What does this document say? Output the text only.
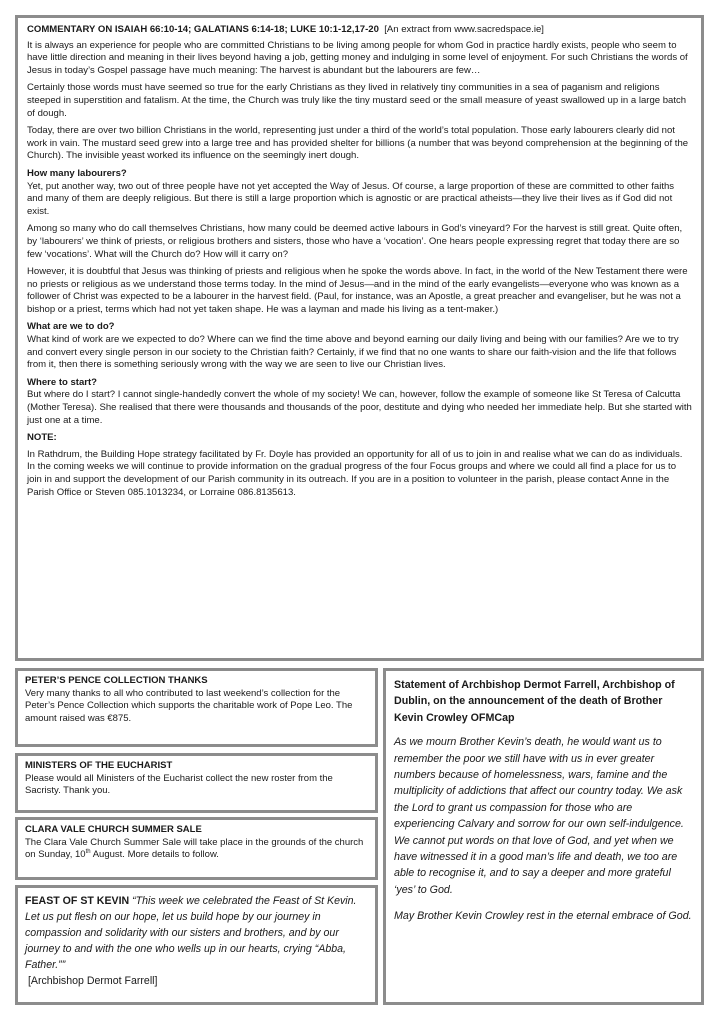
COMMENTARY ON ISAIAH 66:10-14; GALATIANS 6:14-18; LUKE 10:1-12,17-20 [An extract from www.sacredspace.ie]

It is always an experience for people who are committed Christians to be living among people for whom God in practice hardly exists, people who seem to have little direction and meaning in their lives beyond having a job, getting money and indulging in some level of enjoyment. For such Christians the words of Jesus in today’s Gospel passage have much meaning: The harvest is abundant but the labourers are few…

Certainly those words must have seemed so true for the early Christians as they lived in relatively tiny communities in a sea of paganism and religions steeped in superstition and fatalism. At the time, the Church was truly like the tiny mustard seed or the small measure of yeast swallowed up in a large batch of dough.

Today, there are over two billion Christians in the world, representing just under a third of the world’s total population. Those early labourers clearly did not work in vain. The mustard seed grew into a large tree and has provided shelter for billions (a number that was beyond comprehension at the beginning of the Church). The invisible yeast worked its influence on the seemingly inert dough.

How many labourers?

Yet, put another way, two out of three people have not yet accepted the Way of Jesus. Of course, a large proportion of these are committed to other faiths and many of them are deeply religious. But there is still a large proportion which is agnostic or are practical atheists—they live their lives as if God did not exist.

Among so many who do call themselves Christians, how many could be deemed active labours in God’s vineyard? For the harvest is still great. Quite often, by ‘labourers’ we think of priests, or religious brothers and sisters, those who have a ‘vocation’. One hears people expressing regret that today there are so few ‘vocations’. What will the Church do? How will it carry on?

However, it is doubtful that Jesus was thinking of priests and religious when he spoke the words above. In fact, in the world of the New Testament there were no priests or religious as we understand those terms today. In the mind of Jesus—and in the mind of the early evangelists—everyone who was known as a follower of Christ was expected to be a labourer in the harvest field. (Paul, for instance, was an Apostle, a great preacher and evangeliser, but he was not a bishop or a priest, terms which had not yet taken shape. He was a layman and made his living as a tent-maker.)

What are we to do?

What kind of work are we expected to do? Where can we find the time above and beyond earning our daily living and being with our families? Are we to try and convert every single person in our society to the Christian faith? Certainly, if we find that no one wants to share our faith-vision and the life that follows from it, then there is something seriously wrong with the way we are seen to live our Christian lives.

Where to start?

But where do I start? I cannot single-handedly convert the whole of my society! We can, however, follow the example of someone like St Teresa of Calcutta (Mother Teresa). She realised that there were thousands and thousands of the poor, destitute and dying who needed her immediate help. But she started with just one at a time.

NOTE:

In Rathdrum, the Building Hope strategy facilitated by Fr. Doyle has provided an opportunity for all of us to join in and realise what we can do as individuals. In the coming weeks we will continue to provide information on the gradual progress of the four Focus groups and where we could all find a place for us to join in and support the development of our Parish community in its outreach. If you are in a position to volunteer in the parish, please contact Anne in the Parish Office or Steven 085.1013234, or Lorraine 086.8135613.

PETER’S PENCE COLLECTION THANKS

Very many thanks to all who contributed to last weekend’s collection for the Peter’s Pence Collection which supports the charitable work of Pope Leo. The amount raised was €875.

MINISTERS OF THE EUCHARIST

Please would all Ministers of the Eucharist collect the new roster from the Sacristy. Thank you.

CLARA VALE CHURCH SUMMER SALE

The Clara Vale Church Summer Sale will take place in the grounds of the church on Sunday, 10th August. More details to follow.

FEAST OF ST KEVIN “This week we celebrated the Feast of St Kevin. Let us put flesh on our hope, let us build hope by our journey in compassion and solidarity with our sisters and brothers, and by our journey to and with the one who wells up in our hearts, crying “Abba, Father.””
[Archbishop Dermot Farrell]

Statement of Archbishop Dermot Farrell, Archbishop of Dublin, on the announcement of the death of Brother Kevin Crowley OFMCap

As we mourn Brother Kevin’s death, he would want us to remember the poor we still have with us in ever greater numbers because of homelessness, wars, famine and the multiplicity of addictions that affect our country today. We ask the Lord to grant us compassion for those who are experiencing Calvary and sorrow for our own self-indulgence. We cannot put words on that love of God, and yet when we have witnessed it in a good man’s life and death, we too are able to recognise it, and to say a deeper and more grateful ‘yes’ to God.

May Brother Kevin Crowley rest in the eternal embrace of God.
